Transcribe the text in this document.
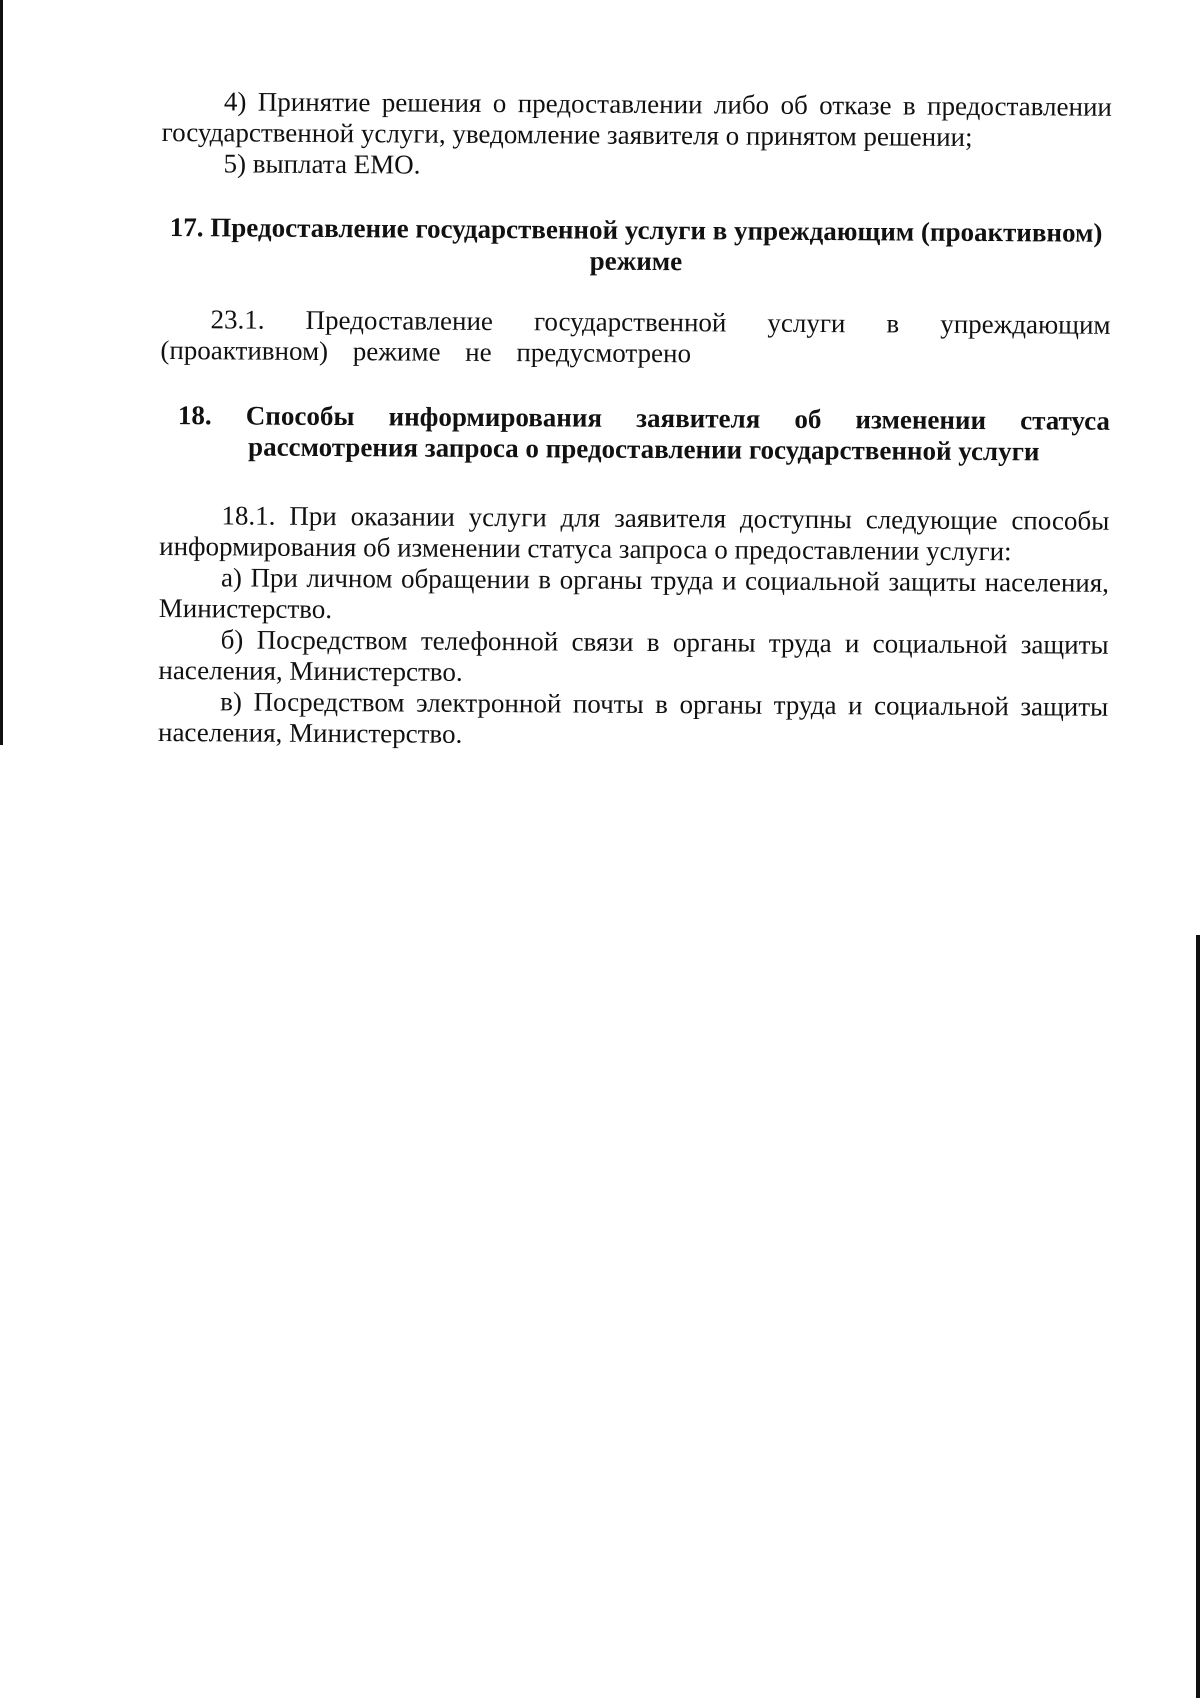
4) Принятие решения о предоставлении либо об отказе в предоставлении государственной услуги, уведомление заявителя о принятом решении;

5) выплата ЕМО.

17. Предоставление государственной услуги в упреждающим (проактивном) режиме

23.1. Предоставление государственной услуги в упреждающим (проактивном) режиме не предусмотрено

18. Способы информирования заявителя об изменении статуса рассмотрения запроса о предоставлении государственной услуги

18.1. При оказании услуги для заявителя доступны следующие способы информирования об изменении статуса запроса о предоставлении услуги:

а) При личном обращении в органы труда и социальной защиты населения, Министерство.

б) Посредством телефонной связи в органы труда и социальной защиты населения, Министерство.

в) Посредством электронной почты в органы труда и социальной защиты населения, Министерство.
